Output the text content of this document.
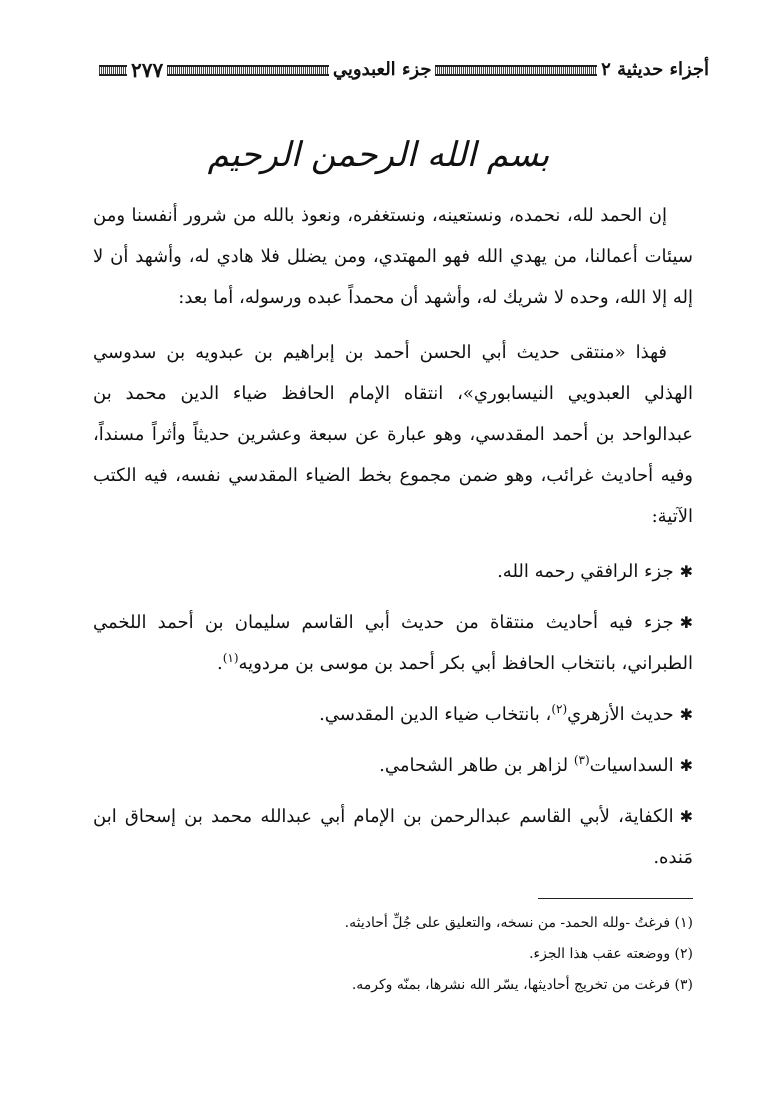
أجزاء حديثية ٢
جزء العبدويي
٢٧٧
بسم الله الرحمن الرحيم

إن الحمد لله، نحمده، ونستعينه، ونستغفره، ونعوذ بالله من شرور أنفسنا ومن سيئات أعمالنا، من يهدي الله فهو المهتدي، ومن يضلل فلا هادي له، وأشهد أن لا إله إلا الله، وحده لا شريك له، وأشهد أن محمداً عبده ورسوله، أما بعد:

فهذا «منتقى حديث أبي الحسن أحمد بن إبراهيم بن عبدويه بن سدوسي الهذلي العبدويي النيسابوري»، انتقاه الإمام الحافظ ضياء الدين محمد بن عبدالواحد بن أحمد المقدسي، وهو عبارة عن سبعة وعشرين حديثاً وأثراً مسنداً، وفيه أحاديث غرائب، وهو ضمن مجموع بخط الضياء المقدسي نفسه، فيه الكتب الآتية:

✱جزء الرافقي رحمه الله.

✱جزء فيه أحاديث منتقاة من حديث أبي القاسم سليمان بن أحمد اللخمي الطبراني، بانتخاب الحافظ أبي بكر أحمد بن موسى بن مردويه$^{(١)}$.

✱حديث الأزهري$^{(٢)}$، بانتخاب ضياء الدين المقدسي.

✱السداسيات$^{(٣)}$ لزاهر بن طاهر الشحامي.

✱الكفاية، لأبي القاسم عبدالرحمن بن الإمام أبي عبدالله محمد بن إسحاق ابن مَنده.

(١) فرغتُ -ولله الحمد- من نسخه، والتعليق على جُلِّ أحاديثه.

(٢) ووضعته عقب هذا الجزء.

(٣) فرغت من تخريج أحاديثها، يسّر الله نشرها، بمنّه وكرمه.
